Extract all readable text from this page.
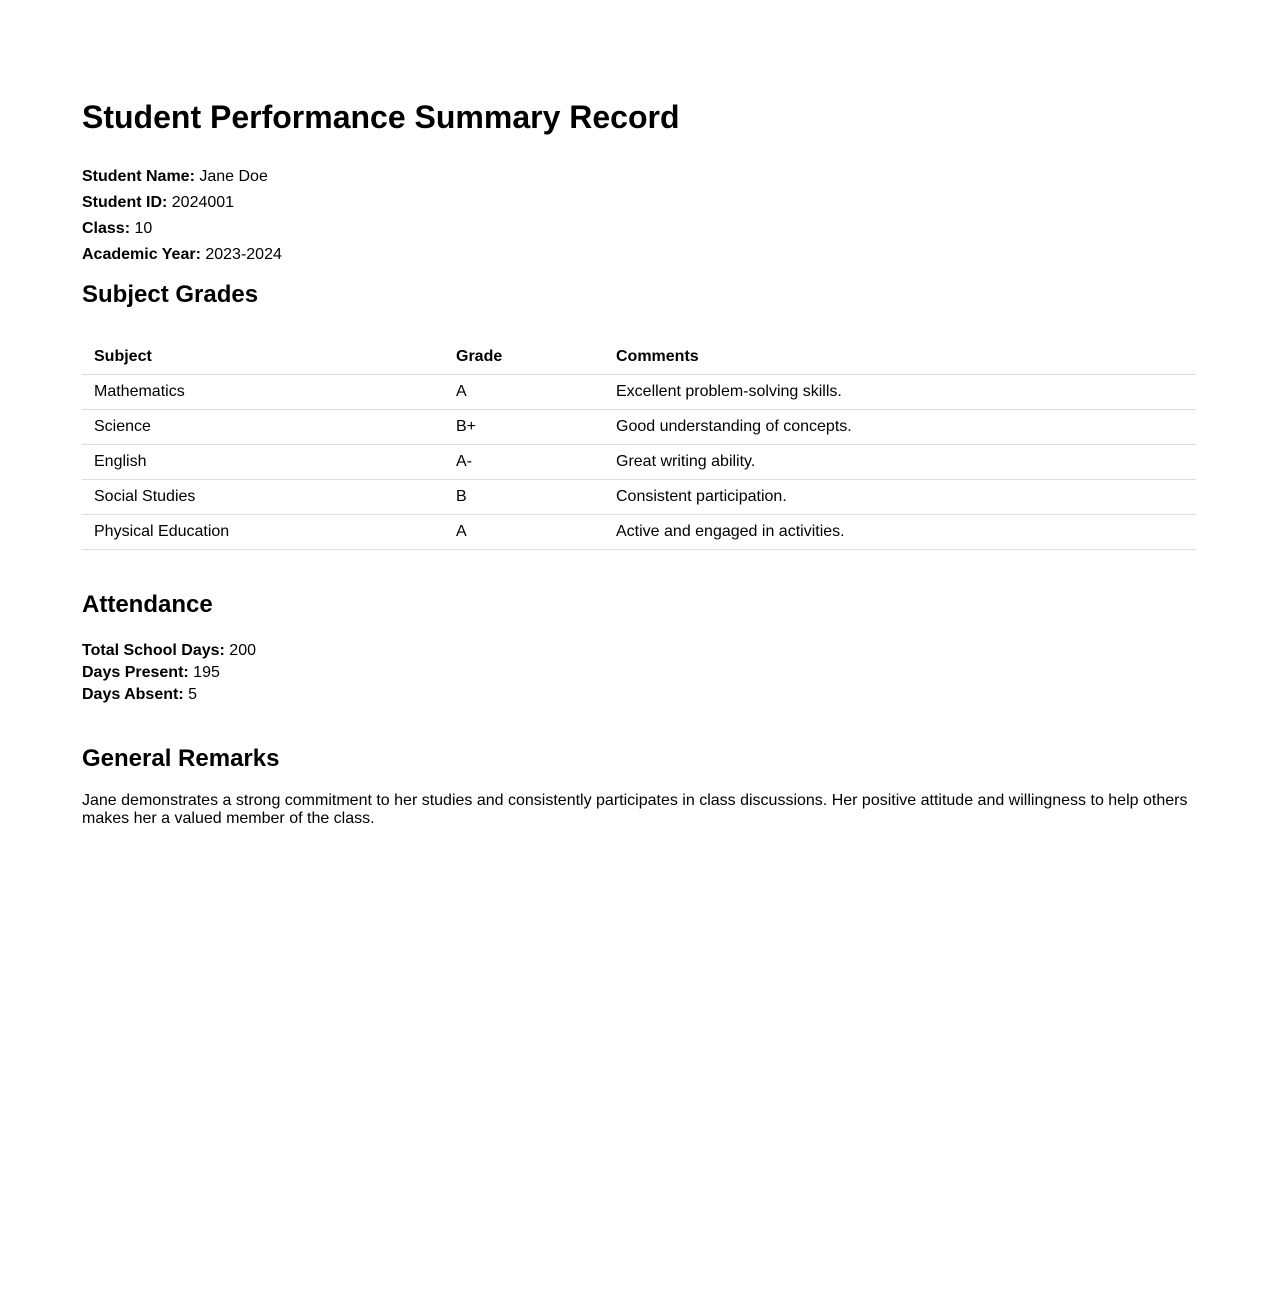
Student Performance Summary Record
Student Name: Jane Doe
Student ID: 2024001
Class: 10
Academic Year: 2023-2024
Subject Grades
Subject	Grade	Comments
Mathematics	A	Excellent problem-solving skills.
Science	B+	Good understanding of concepts.
English	A-	Great writing ability.
Social Studies	B	Consistent participation.
Physical Education	A	Active and engaged in activities.
Attendance
Total School Days: 200
Days Present: 195
Days Absent: 5
General Remarks

Jane demonstrates a strong commitment to her studies and consistently participates in class discussions. Her positive attitude and willingness to help others makes her a valued member of the class.
